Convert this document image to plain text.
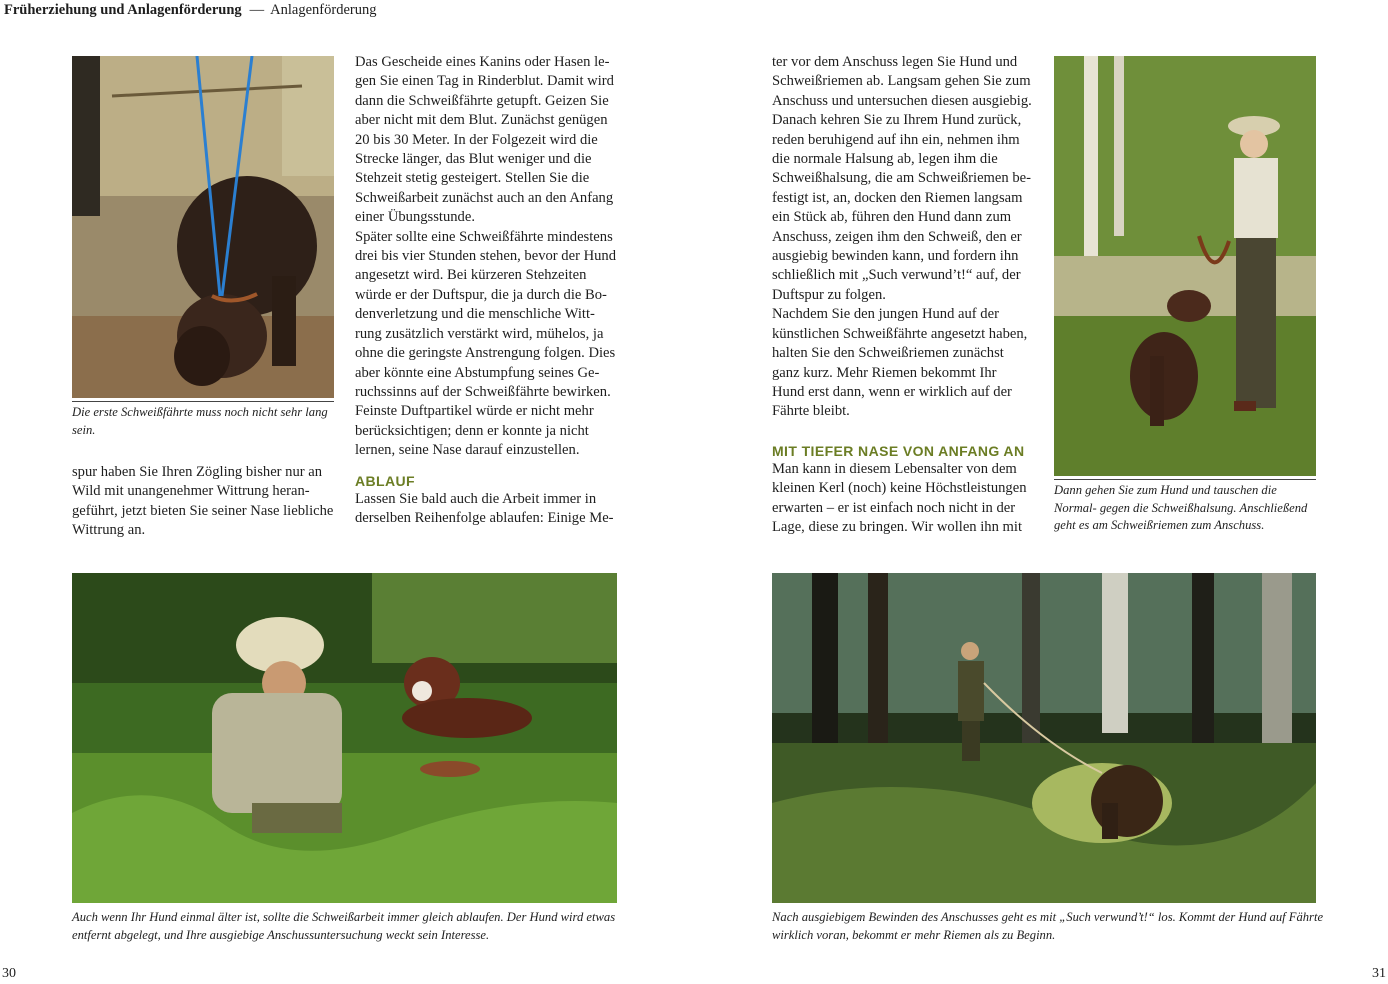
Früherziehung und Anlagenförderung — Anlagenförderung

Die erste Schweißfährte muss noch nicht sehr lang sein.

spur haben Sie Ihren Zögling bisher nur an
Wild mit unangenehmer Wittrung heran-
geführt, jetzt bieten Sie seiner Nase liebliche
Wittrung an.
Das Gescheide eines Kanins oder Hasen le-
gen Sie einen Tag in Rinderblut. Damit wird
dann die Schweißfährte getupft. Geizen Sie
aber nicht mit dem Blut. Zunächst genügen
20 bis 30 Meter. In der Folgezeit wird die
Strecke länger, das Blut weniger und die
Stehzeit stetig gesteigert. Stellen Sie die
Schweißarbeit zunächst auch an den Anfang
einer Übungsstunde.
Später sollte eine Schweißfährte mindestens
drei bis vier Stunden stehen, bevor der Hund
angesetzt wird. Bei kürzeren Stehzeiten
würde er der Duftspur, die ja durch die Bo-
denverletzung und die menschliche Witt-
rung zusätzlich verstärkt wird, mühelos, ja
ohne die geringste Anstrengung folgen. Dies
aber könnte eine Abstumpfung seines Ge-
ruchssinns auf der Schweißfährte bewirken.
Feinste Duftpartikel würde er nicht mehr
berücksichtigen; denn er konnte ja nicht
lernen, seine Nase darauf einzustellen.
ABLAUF
Lassen Sie bald auch die Arbeit immer in
derselben Reihenfolge ablaufen: Einige Me-
ter vor dem Anschuss legen Sie Hund und
Schweißriemen ab. Langsam gehen Sie zum
Anschuss und untersuchen diesen ausgiebig.
Danach kehren Sie zu Ihrem Hund zurück,
reden beruhigend auf ihn ein, nehmen ihm
die normale Halsung ab, legen ihm die
Schweißhalsung, die am Schweißriemen be-
festigt ist, an, docken den Riemen langsam
ein Stück ab, führen den Hund dann zum
Anschuss, zeigen ihm den Schweiß, den er
ausgiebig bewinden kann, und fordern ihn
schließlich mit „Such verwund’t!“ auf, der
Duftspur zu folgen.
Nachdem Sie den jungen Hund auf der
künstlichen Schweißfährte angesetzt haben,
halten Sie den Schweißriemen zunächst
ganz kurz. Mehr Riemen bekommt Ihr
Hund erst dann, wenn er wirklich auf der
Fährte bleibt.
MIT TIEFER NASE VON ANFANG AN
Man kann in diesem Lebensalter von dem
kleinen Kerl (noch) keine Höchstleistungen
erwarten – er ist einfach noch nicht in der
Lage, diese zu bringen. Wir wollen ihn mit

Dann gehen Sie zum Hund und tauschen die Normal- gegen die Schweißhalsung. Anschließend geht es am Schweißriemen zum Anschuss.

Auch wenn Ihr Hund einmal älter ist, sollte die Schweißarbeit immer gleich ablaufen. Der Hund wird etwas entfernt abgelegt, und Ihre ausgiebige Anschussuntersuchung weckt sein Interesse.

Nach ausgiebigem Bewinden des Anschusses geht es mit „Such verwund’t!“ los. Kommt der Hund auf Fährte wirklich voran, bekommt er mehr Riemen als zu Beginn.

30	31
